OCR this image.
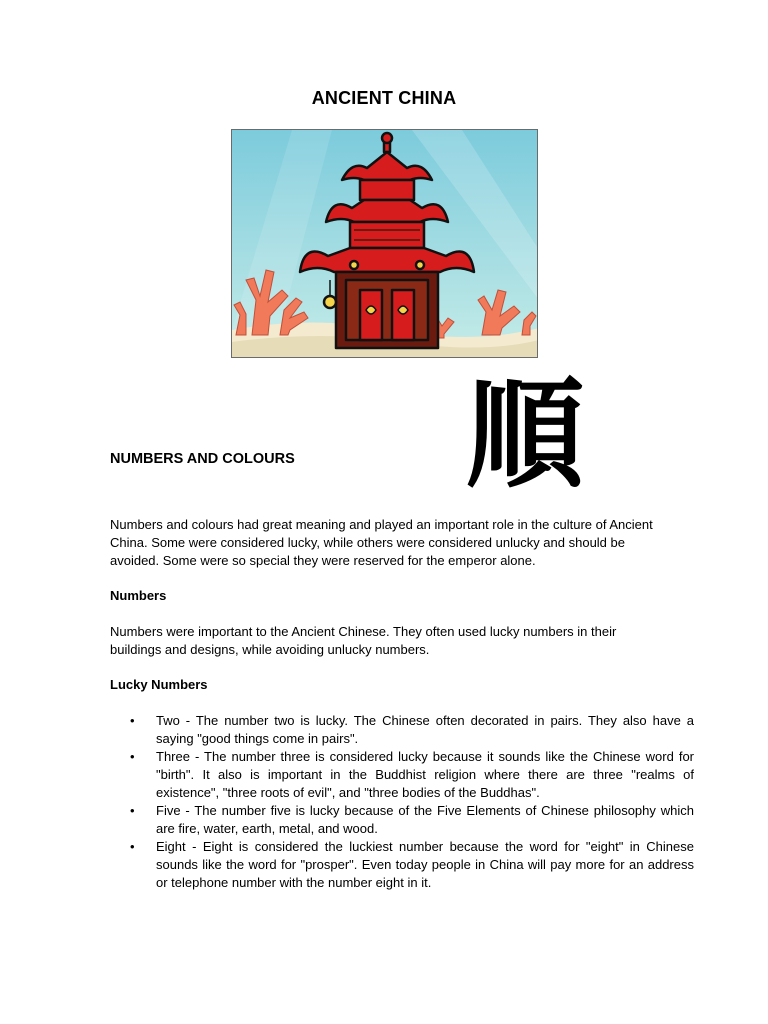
ANCIENT CHINA
順
NUMBERS AND COLOURS

Numbers and colours had great meaning and played an important role in the culture of Ancient China. Some were considered lucky, while others were considered unlucky and should be avoided. Some were so special they were reserved for the emperor alone.

Numbers

Numbers were important to the Ancient Chinese. They often used lucky numbers in their buildings and designs, while avoiding unlucky numbers.

Lucky Numbers
• Two - The number two is lucky. The Chinese often decorated in pairs. They also have a saying "good things come in pairs".
• Three - The number three is considered lucky because it sounds like the Chinese word for "birth". It also is important in the Buddhist religion where there are three "realms of existence", "three roots of evil", and "three bodies of the Buddhas".
• Five - The number five is lucky because of the Five Elements of Chinese philosophy which are fire, water, earth, metal, and wood.
• Eight - Eight is considered the luckiest number because the word for "eight" in Chinese sounds like the word for "prosper". Even today people in China will pay more for an address or telephone number with the number eight in it.
